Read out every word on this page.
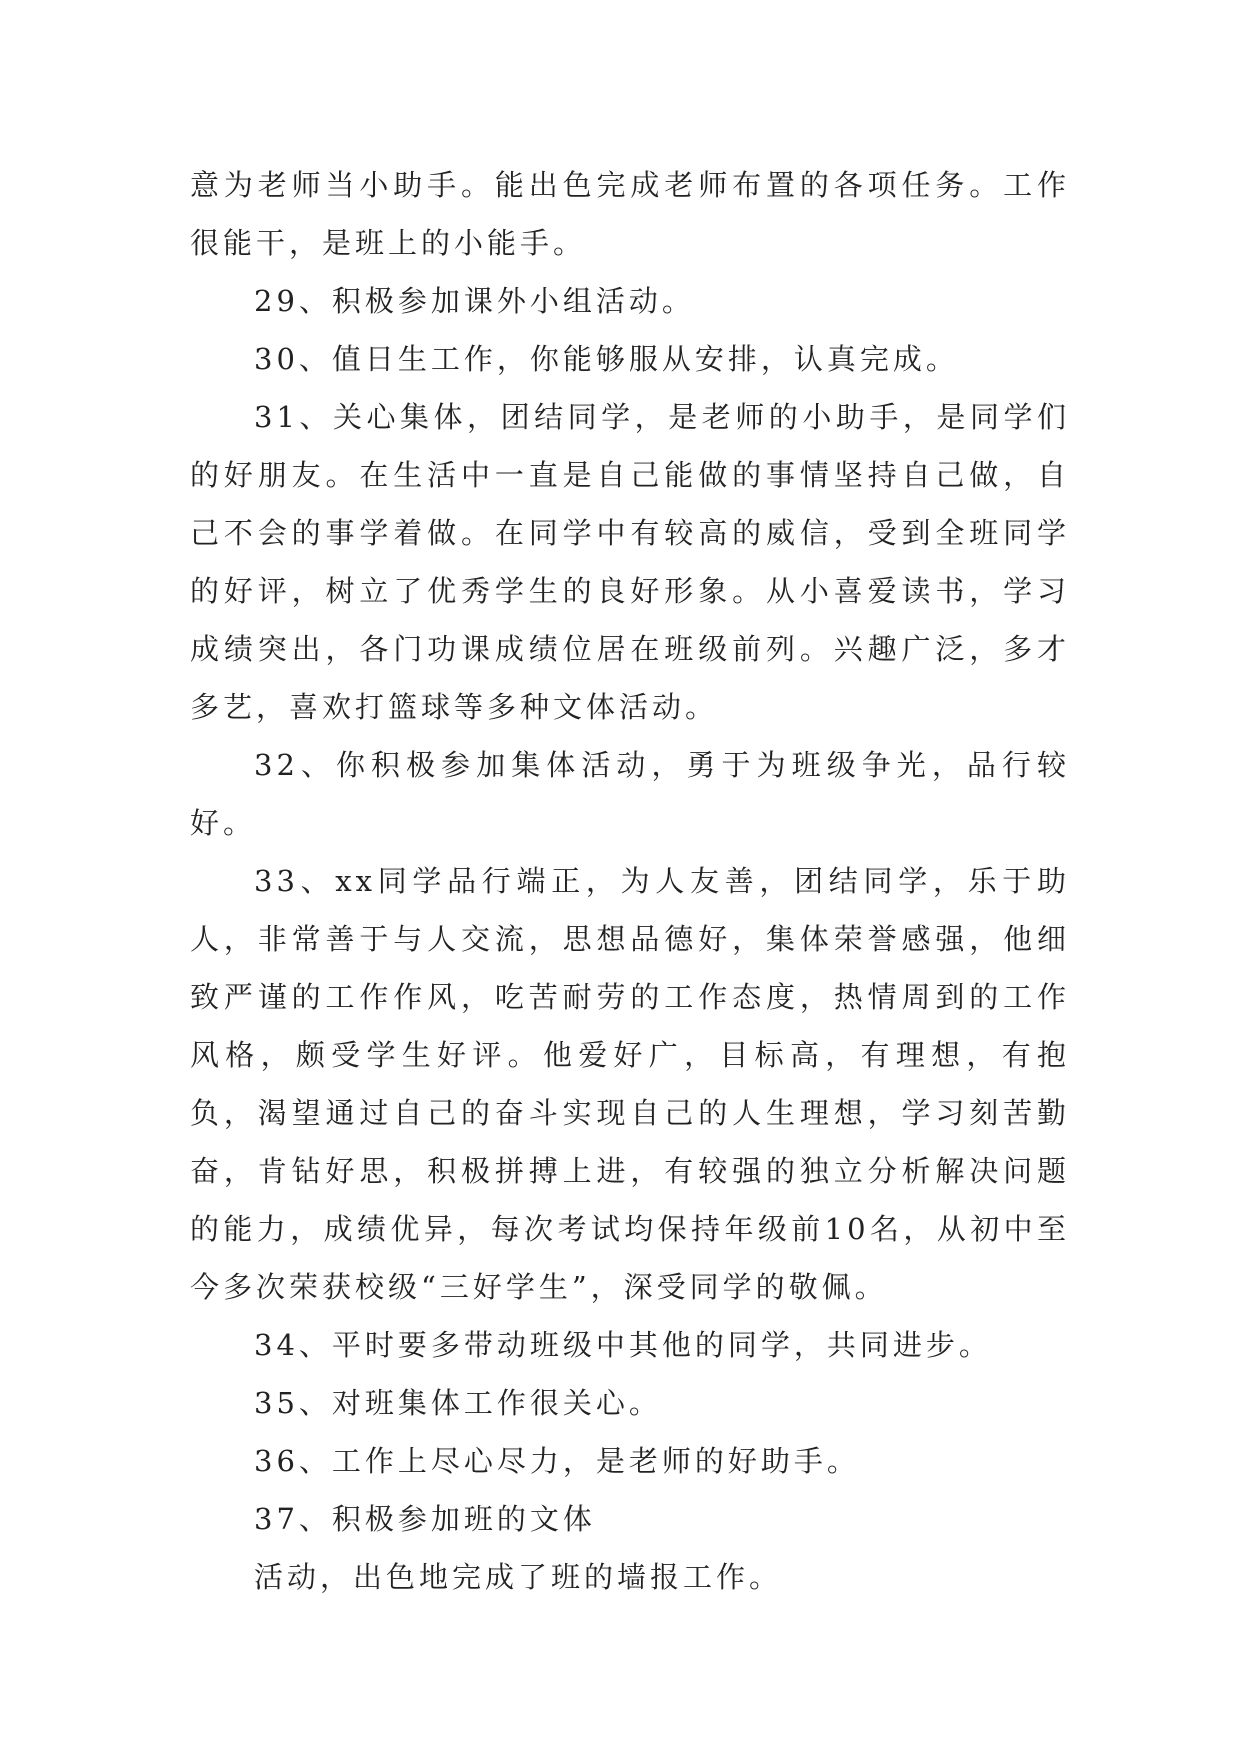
意为老师当小助手。能出色完成老师布置的各项任务。工作很能干，是班上的小能手。

29、积极参加课外小组活动。

30、值日生工作，你能够服从安排，认真完成。

31、关心集体，团结同学，是老师的小助手，是同学们的好朋友。在生活中一直是自己能做的事情坚持自己做，自己不会的事学着做。在同学中有较高的威信，受到全班同学的好评，树立了优秀学生的良好形象。从小喜爱读书，学习成绩突出，各门功课成绩位居在班级前列。兴趣广泛，多才多艺，喜欢打篮球等多种文体活动。

32、你积极参加集体活动，勇于为班级争光，品行较好。

33、xx同学品行端正，为人友善，团结同学，乐于助人，非常善于与人交流，思想品德好，集体荣誉感强，他细致严谨的工作作风，吃苦耐劳的工作态度，热情周到的工作风格，颇受学生好评。他爱好广，目标高，有理想，有抱负，渴望通过自己的奋斗实现自己的人生理想，学习刻苦勤奋，肯钻好思，积极拼搏上进，有较强的独立分析解决问题的能力，成绩优异，每次考试均保持年级前10名，从初中至今多次荣获校级“三好学生”，深受同学的敬佩。

34、平时要多带动班级中其他的同学，共同进步。

35、对班集体工作很关心。

36、工作上尽心尽力，是老师的好助手。

37、积极参加班的文体

活动，出色地完成了班的墙报工作。
